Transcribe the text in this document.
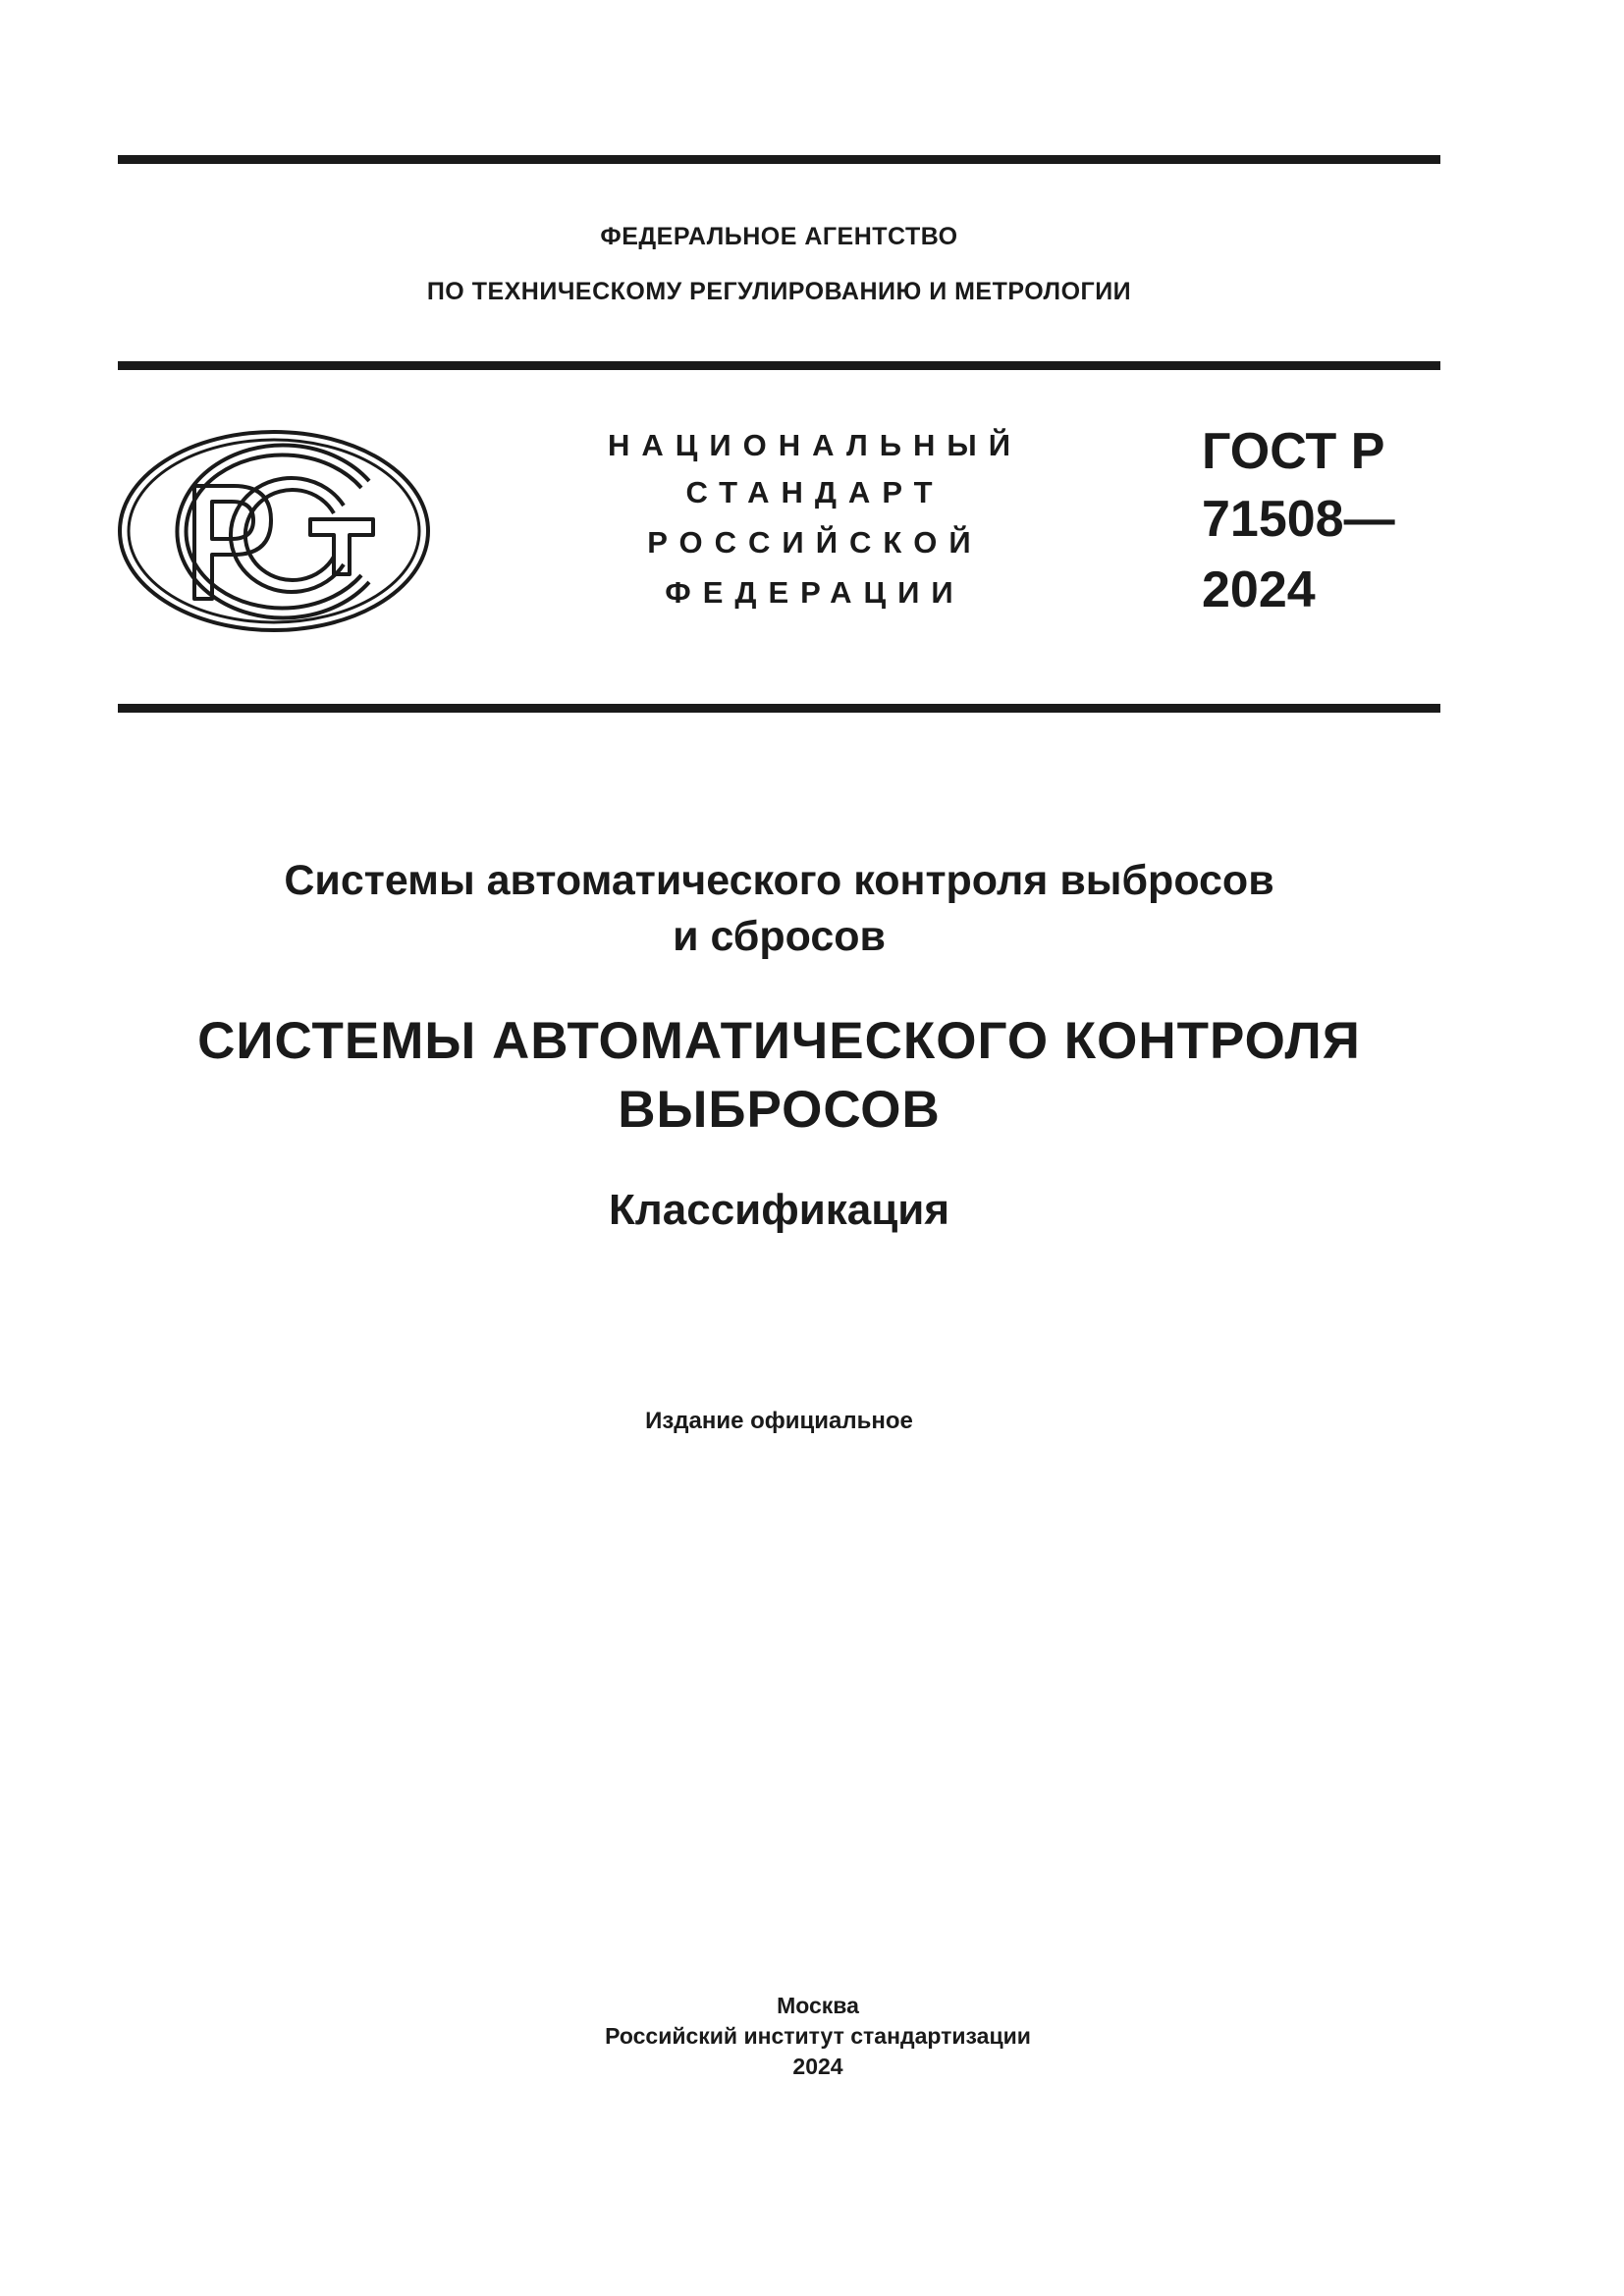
ФЕДЕРАЛЬНОЕ АГЕНТСТВО
ПО ТЕХНИЧЕСКОМУ РЕГУЛИРОВАНИЮ И МЕТРОЛОГИИ
НАЦИОНАЛЬНЫЙ
СТАНДАРТ
РОССИЙСКОЙ
ФЕДЕРАЦИИ
ГОСТ Р
71508—
2024
Системы автоматического контроля выбросов
и сбросов
СИСТЕМЫ АВТОМАТИЧЕСКОГО КОНТРОЛЯ
ВЫБРОСОВ
Классификация
Издание официальное
Москва
Российский институт стандартизации
2024
